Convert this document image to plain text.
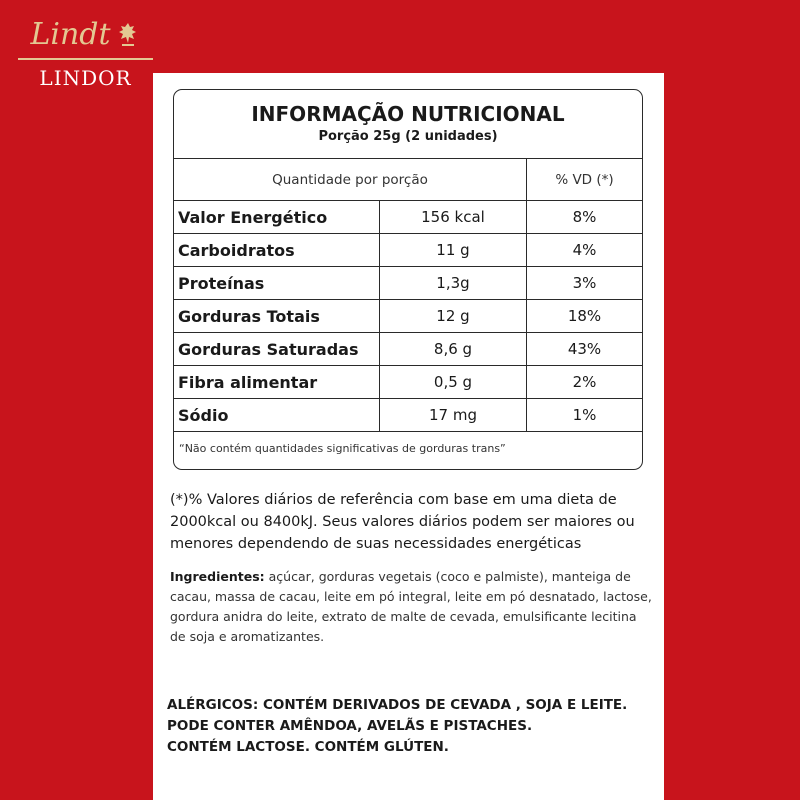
Lindt
LINDOR
INFORMAÇÃO NUTRICIONAL
Porção 25g (2 unidades)
Quantidade por porção	% VD (*)
Valor Energético	156 kcal	8%
Carboidratos	11 g	4%
Proteínas	1,3g	3%
Gorduras Totais	12 g	18%
Gorduras Saturadas	8,6 g	43%
Fibra alimentar	0,5 g	2%
Sódio	17 mg	1%
“Não contém quantidades significativas de gorduras trans”
(*)% Valores diários de referência com base em uma dieta de 2000kcal ou 8400kJ. Seus valores diários podem ser maiores ou menores dependendo de suas necessidades energéticas
Ingredientes: açúcar, gorduras vegetais (coco e palmiste), manteiga de cacau, massa de cacau, leite em pó integral, leite em pó desnatado, lactose, gordura anidra do leite, extrato de malte de cevada, emulsificante lecitina de soja e aromatizantes.
ALÉRGICOS: CONTÉM DERIVADOS DE CEVADA , SOJA E LEITE.
PODE CONTER AMÊNDOA, AVELÃS E PISTACHES.
CONTÉM LACTOSE. CONTÉM GLÚTEN.
